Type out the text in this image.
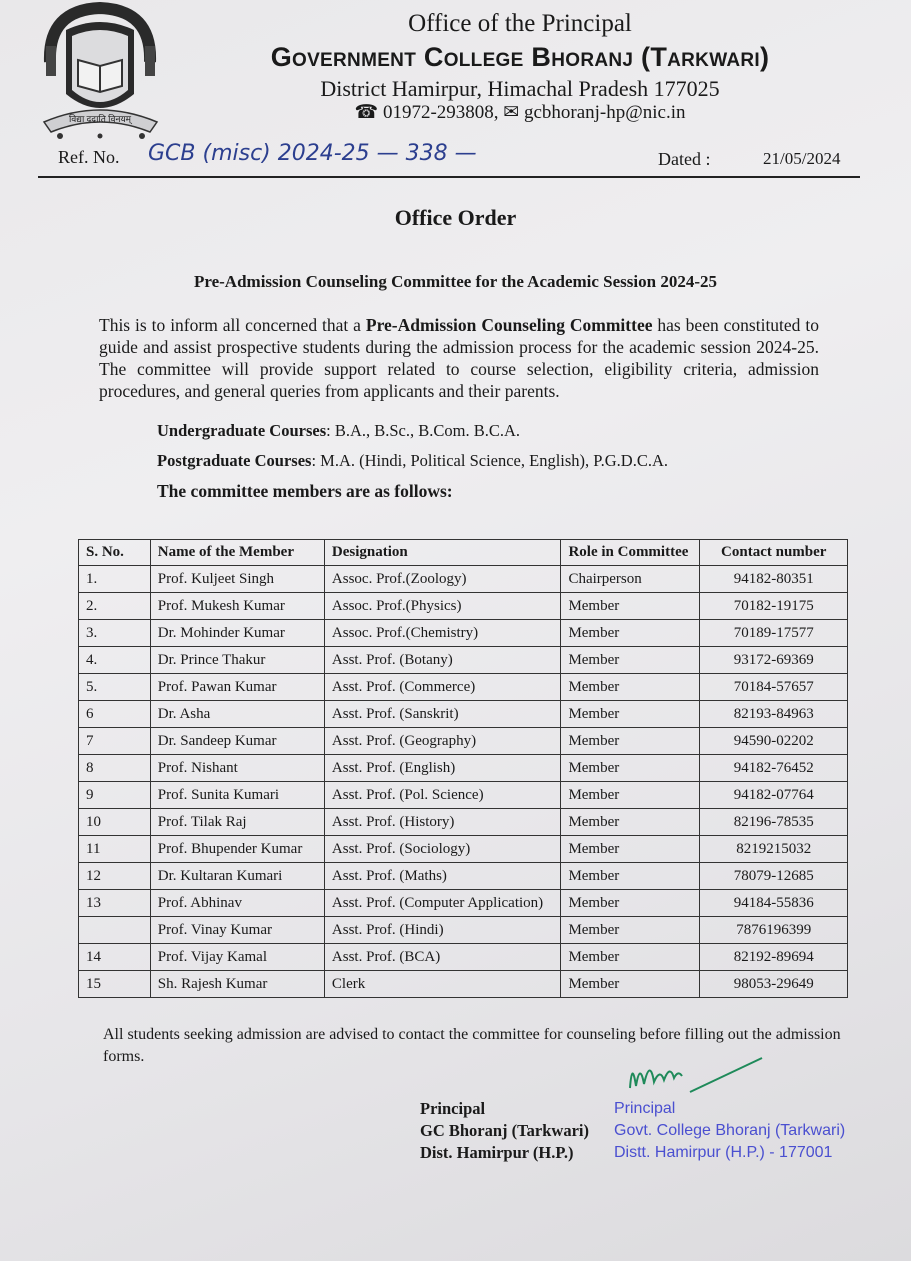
विद्या ददाति विनयम्
Office of the Principal
Government College Bhoranj (Tarkwari)
District Hamirpur, Himachal Pradesh 177025
☎ 01972-293808, ✉ gcbhoranj-hp@nic.in
Ref. No. GCB (misc) 2024-25 — 338 —	Dated :	21/05/2024
Office Order
Pre-Admission Counseling Committee for the Academic Session 2024-25
This is to inform all concerned that a Pre-Admission Counseling Committee has been constituted to guide and assist prospective students during the admission process for the academic session 2024-25. The committee will provide support related to course selection, eligibility criteria, admission procedures, and general queries from applicants and their parents.
Undergraduate Courses: B.A., B.Sc., B.Com. B.C.A.
Postgraduate Courses: M.A. (Hindi, Political Science, English), P.G.D.C.A.
The committee members are as follows:
S. No.	Name of the Member	Designation	Role in Committee	Contact number
1.	Prof. Kuljeet Singh	Assoc. Prof.(Zoology)	Chairperson	94182-80351
2.	Prof. Mukesh Kumar	Assoc. Prof.(Physics)	Member	70182-19175
3.	Dr. Mohinder Kumar	Assoc. Prof.(Chemistry)	Member	70189-17577
4.	Dr. Prince Thakur	Asst. Prof. (Botany)	Member	93172-69369
5.	Prof. Pawan Kumar	Asst. Prof. (Commerce)	Member	70184-57657
6	Dr. Asha	Asst. Prof. (Sanskrit)	Member	82193-84963
7	Dr. Sandeep Kumar	Asst. Prof. (Geography)	Member	94590-02202
8	Prof. Nishant	Asst. Prof. (English)	Member	94182-76452
9	Prof. Sunita Kumari	Asst. Prof. (Pol. Science)	Member	94182-07764
10	Prof. Tilak Raj	Asst. Prof. (History)	Member	82196-78535
11	Prof. Bhupender Kumar	Asst. Prof. (Sociology)	Member	8219215032
12	Dr. Kultaran Kumari	Asst. Prof. (Maths)	Member	78079-12685
13	Prof. Abhinav	Asst. Prof. (Computer Application)	Member	94184-55836
	Prof. Vinay Kumar	Asst. Prof. (Hindi)	Member	7876196399
14	Prof. Vijay Kamal	Asst. Prof. (BCA)	Member	82192-89694
15	Sh. Rajesh Kumar	Clerk	Member	98053-29649
All students seeking admission are advised to contact the committee for counseling before filling out the admission forms.
Principal
GC Bhoranj (Tarkwari)
Dist. Hamirpur (H.P.)
Principal
Govt. College Bhoranj (Tarkwari)
Distt. Hamirpur (H.P.) - 177001
